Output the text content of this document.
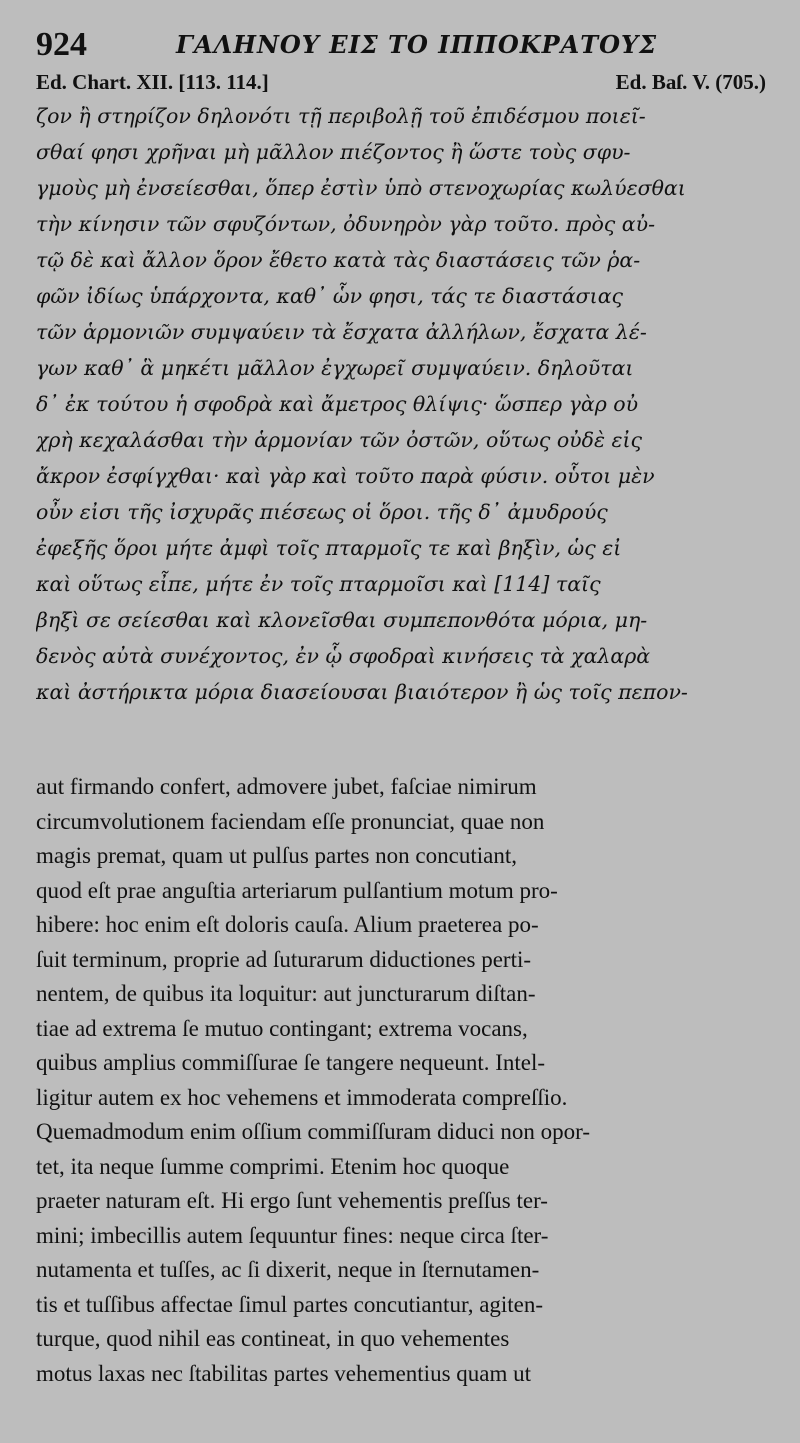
924	ΓΑΛΗΝΟΥ ΕΙΣ ΤΟ ΙΠΠΟΚΡΑΤΟΥΣ
Ed. Chart. XII. [113. 114.]	Ed. Baſ. V. (705.)
ζον ἢ στηρίζον δηλονότι τῇ περιβολῇ τοῦ ἐπιδέσμου ποιεῖ-
σθαί φησι χρῆναι μὴ μᾶλλον πιέζοντος ἢ ὥστε τοὺς σφυ-
γμοὺς μὴ ἐνσείεσθαι, ὅπερ ἐστὶν ὑπὸ στενοχωρίας κωλύεσθαι
τὴν κίνησιν τῶν σφυζόντων, ὀδυνηρὸν γὰρ τοῦτο. πρὸς αὐ-
τῷ δὲ καὶ ἄλλον ὅρον ἔθετο κατὰ τὰς διαστάσεις τῶν ῥα-
φῶν ἰδίως ὑπάρχοντα, καθ᾽ ὧν φησι, τάς τε διαστάσιας
τῶν ἁρμονιῶν συμψαύειν τὰ ἔσχατα ἀλλήλων, ἔσχατα λέ-
γων καθ᾽ ἃ μηκέτι μᾶλλον ἐγχωρεῖ συμψαύειν. δηλοῦται
δ᾽ ἐκ τούτου ἡ σφοδρὰ καὶ ἄμετρος θλίψις· ὥσπερ γὰρ οὐ
χρὴ κεχαλάσθαι τὴν ἁρμονίαν τῶν ὀστῶν, οὕτως οὐδὲ εἰς
ἄκρον ἐσφίγχθαι· καὶ γὰρ καὶ τοῦτο παρὰ φύσιν. οὗτοι μὲν
οὖν εἰσι τῆς ἰσχυρᾶς πιέσεως οἱ ὅροι. τῆς δ᾽ ἀμυδρούς
ἐφεξῆς ὅροι μήτε ἀμφὶ τοῖς πταρμοῖς τε καὶ βηξὶν, ὡς εἰ
καὶ οὕτως εἶπε, μήτε ἐν τοῖς πταρμοῖσι καὶ [114] ταῖς
βηξὶ σε σείεσθαι καὶ κλονεῖσθαι συμπεπονθότα μόρια, μη-
δενὸς αὐτὰ συνέχοντος, ἐν ᾧ σφοδραὶ κινήσεις τὰ χαλαρὰ
καὶ ἀστήρικτα μόρια διασείουσαι βιαιότερον ἢ ὡς τοῖς πεπον-
aut firmando confert, admovere jubet, faſciae nimirum
circumvolutionem faciendam eſſe pronunciat, quae non
magis premat, quam ut pulſus partes non concutiant,
quod eſt prae anguſtia arteriarum pulſantium motum pro-
hibere: hoc enim eſt doloris cauſa. Alium praeterea po-
ſuit terminum, proprie ad ſuturarum diductiones perti-
nentem, de quibus ita loquitur: aut juncturarum diſtan-
tiae ad extrema ſe mutuo contingant; extrema vocans,
quibus amplius commiſſurae ſe tangere nequeunt. Intel-
ligitur autem ex hoc vehemens et immoderata compreſſio.
Quemadmodum enim oſſium commiſſuram diduci non opor-
tet, ita neque ſumme comprimi. Etenim hoc quoque
praeter naturam eſt. Hi ergo ſunt vehementis preſſus ter-
mini; imbecillis autem ſequuntur fines: neque circa ſter-
nutamenta et tuſſes, ac ſi dixerit, neque in ſternutamen-
tis et tuſſibus affectae ſimul partes concutiantur, agiten-
turque, quod nihil eas contineat, in quo vehementes
motus laxas nec ſtabilitas partes vehementius quam ut
